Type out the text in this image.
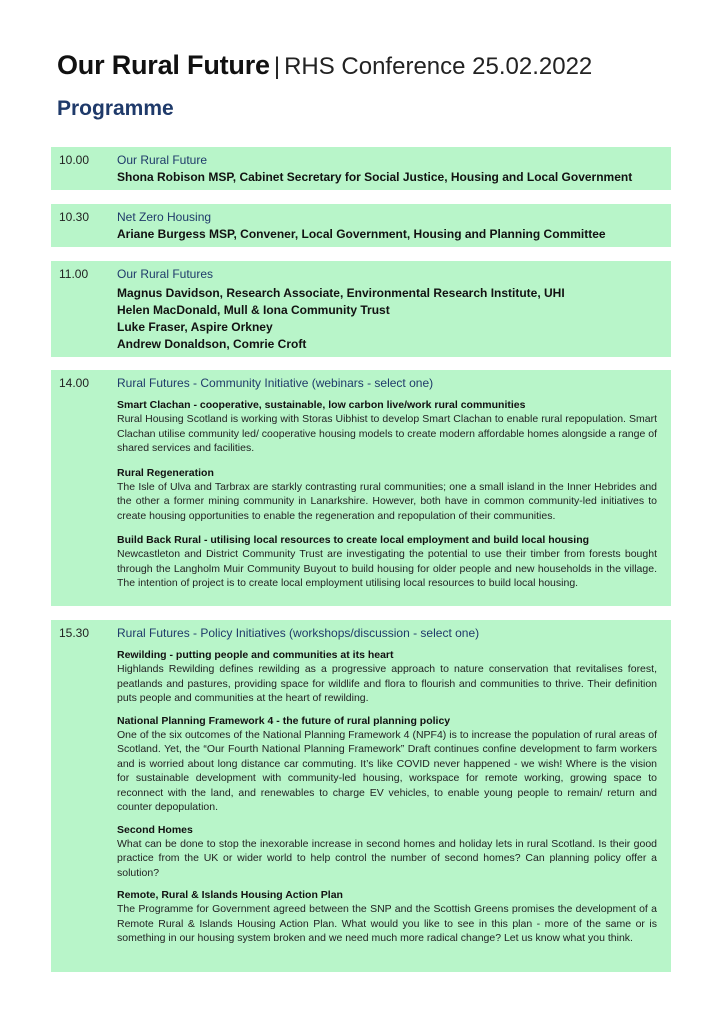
Our Rural Future | RHS Conference 25.02.2022
Programme
10.00 Our Rural Future
Shona Robison MSP, Cabinet Secretary for Social Justice, Housing and Local Government
10.30 Net Zero Housing
Ariane Burgess MSP, Convener, Local Government, Housing and Planning Committee
11.00 Our Rural Futures
Magnus Davidson, Research Associate, Environmental Research Institute, UHI
Helen MacDonald, Mull & Iona Community Trust
Luke Fraser, Aspire Orkney
Andrew Donaldson, Comrie Croft
14.00 Rural Futures - Community Initiative (webinars - select one)
Smart Clachan - cooperative, sustainable, low carbon live/work rural communities
Rural Housing Scotland is working with Storas Uibhist to develop Smart Clachan to enable rural repopulation. Smart Clachan utilise community led/ cooperative housing models to create modern affordable homes alongside a range of shared services and facilities.
Rural Regeneration
The Isle of Ulva and Tarbrax are starkly contrasting rural communities; one a small island in the Inner Hebrides and the other a former mining community in Lanarkshire. However, both have in common community-led initiatives to create housing opportunities to enable the regeneration and repopulation of their communities.
Build Back Rural - utilising local resources to create local employment and build local housing
Newcastleton and District Community Trust are investigating the potential to use their timber from forests bought through the Langholm Muir Community Buyout to build housing for older people and new households in the village. The intention of project is to create local employment utilising local resources to build local housing.
15.30 Rural Futures - Policy Initiatives (workshops/discussion - select one)
Rewilding - putting people and communities at its heart
Highlands Rewilding defines rewilding as a progressive approach to nature conservation that revitalises forest, peatlands and pastures, providing space for wildlife and flora to flourish and communities to thrive. Their definition puts people and communities at the heart of rewilding.
National Planning Framework 4 - the future of rural planning policy
One of the six outcomes of the National Planning Framework 4 (NPF4) is to increase the population of rural areas of Scotland. Yet, the “Our Fourth National Planning Framework” Draft continues confine development to farm workers and is worried about long distance car commuting. It’s like COVID never happened - we wish! Where is the vision for sustainable development with community-led housing, workspace for remote working, growing space to reconnect with the land, and renewables to charge EV vehicles, to enable young people to remain/ return and counter depopulation.
Second Homes
What can be done to stop the inexorable increase in second homes and holiday lets in rural Scotland. Is their good practice from the UK or wider world to help control the number of second homes? Can planning policy offer a solution?
Remote, Rural & Islands Housing Action Plan
The Programme for Government agreed between the SNP and the Scottish Greens promises the development of a Remote Rural & Islands Housing Action Plan. What would you like to see in this plan - more of the same or is something in our housing system broken and we need much more radical change? Let us know what you think.
